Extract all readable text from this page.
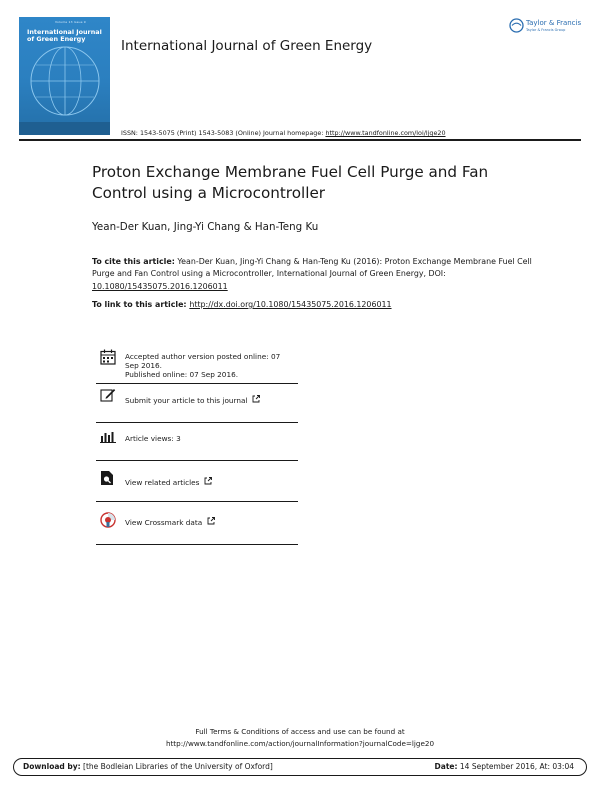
Volume 13 Issue 9
International Journal of Green Energy	International Journal of Green Energy
ISSN: 1543-5075 (Print) 1543-5083 (Online) Journal homepage: http://www.tandfonline.com/loi/ljge20
Taylor & Francis
Taylor & Francis Group
Proton Exchange Membrane Fuel Cell Purge and Fan Control using a Microcontroller
Yean-Der Kuan, Jing-Yi Chang & Han-Teng Ku
To cite this article: Yean-Der Kuan, Jing-Yi Chang & Han-Teng Ku (2016): Proton Exchange Membrane Fuel Cell Purge and Fan Control using a Microcontroller, International Journal of Green Energy, DOI: 10.1080/15435075.2016.1206011
To link to this article: http://dx.doi.org/10.1080/15435075.2016.1206011
Accepted author version posted online: 07 Sep 2016.
Published online: 07 Sep 2016.
Submit your article to this journal
Article views: 3
View related articles
View Crossmark data
Full Terms & Conditions of access and use can be found at
http://www.tandfonline.com/action/journalInformation?journalCode=ljge20
Download by: [the Bodleian Libraries of the University of Oxford]	Date: 14 September 2016, At: 03:04
